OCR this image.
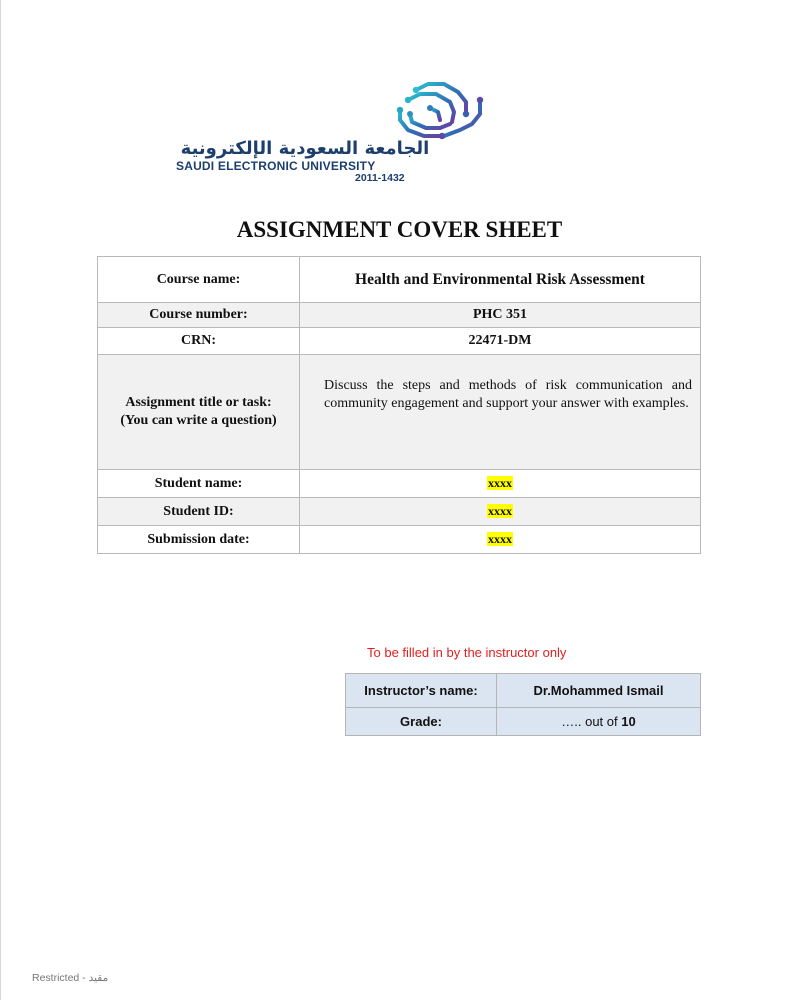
الجامعة السعودية الإلكترونية
SAUDI ELECTRONIC UNIVERSITY
2011-1432
ASSIGNMENT COVER SHEET
Course name:	Health and Environmental Risk Assessment
Course number:	PHC 351
CRN:	22471-DM
Assignment title or task:
(You can write a question)	Discuss the steps and methods of risk communication and community engagement and support your answer with examples.

Student name:	xxxx
Student ID:	xxxx
Submission date:	xxxx
To be filled in by the instructor only
Instructor’s name:	Dr.Mohammed Ismail
Grade:	….. out of 10
Restricted - مقيد
